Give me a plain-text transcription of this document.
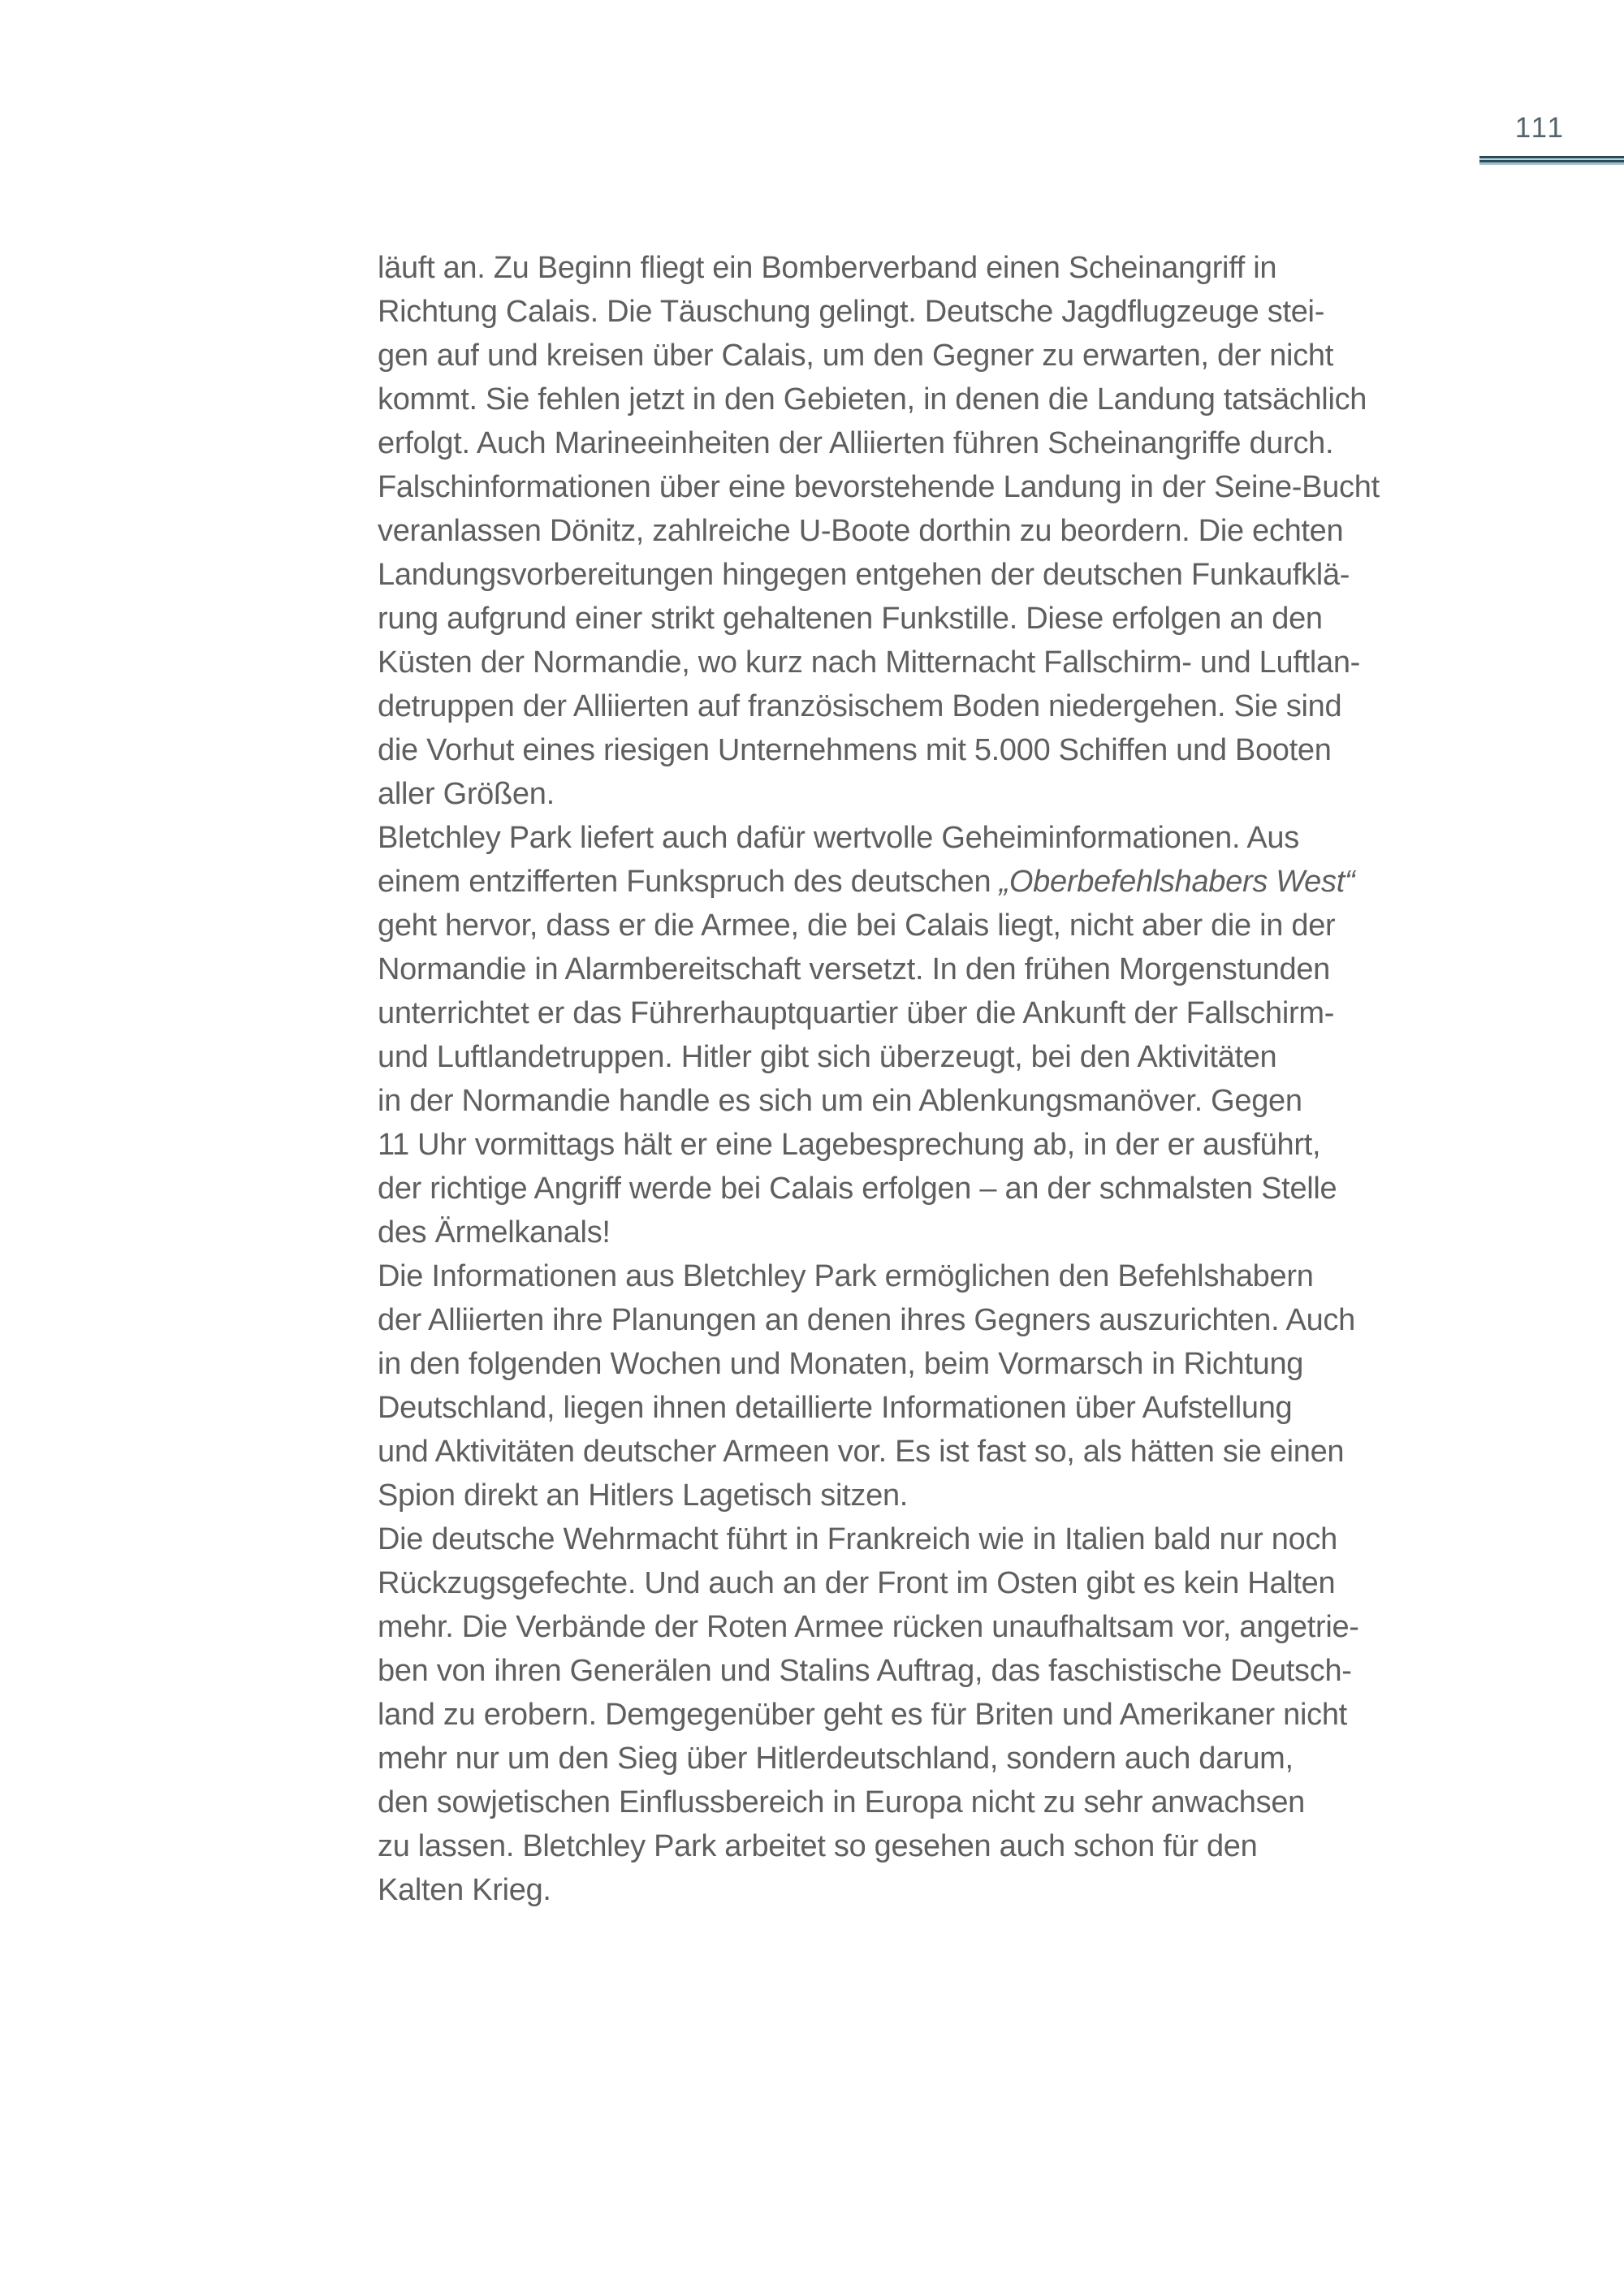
111
läuft an. Zu Beginn fliegt ein Bomberverband einen Scheinangriff in
Richtung Calais. Die Täuschung gelingt. Deutsche Jagdflugzeuge stei-
gen auf und kreisen über Calais, um den Gegner zu erwarten, der nicht
kommt. Sie fehlen jetzt in den Gebieten, in denen die Landung tatsächlich
erfolgt. Auch Marineeinheiten der Alliierten führen Scheinangriffe durch.
Falschinformationen über eine bevorstehende Landung in der Seine-Bucht
veranlassen Dönitz, zahlreiche U-Boote dorthin zu beordern. Die echten
Landungsvorbereitungen hingegen entgehen der deutschen Funkaufklä-
rung aufgrund einer strikt gehaltenen Funkstille. Diese erfolgen an den
Küsten der Normandie, wo kurz nach Mitternacht Fallschirm- und Luftlan-
detruppen der Alliierten auf französischem Boden niedergehen. Sie sind
die Vorhut eines riesigen Unternehmens mit 5.000 Schiffen und Booten
aller Größen.
Bletchley Park liefert auch dafür wertvolle Geheiminformationen. Aus
einem entzifferten Funkspruch des deutschen „Oberbefehlshabers West“
geht hervor, dass er die Armee, die bei Calais liegt, nicht aber die in der
Normandie in Alarmbereitschaft versetzt. In den frühen Morgenstunden
unterrichtet er das Führerhauptquartier über die Ankunft der Fallschirm-
und Luftlandetruppen. Hitler gibt sich überzeugt, bei den Aktivitäten
in der Normandie handle es sich um ein Ablenkungsmanöver. Gegen
11 Uhr vormittags hält er eine Lagebesprechung ab, in der er ausführt,
der richtige Angriff werde bei Calais erfolgen – an der schmalsten Stelle
des Ärmelkanals!
Die Informationen aus Bletchley Park ermöglichen den Befehlshabern
der Alliierten ihre Planungen an denen ihres Gegners auszurichten. Auch
in den folgenden Wochen und Monaten, beim Vormarsch in Richtung
Deutschland, liegen ihnen detaillierte Informationen über Aufstellung
und Aktivitäten deutscher Armeen vor. Es ist fast so, als hätten sie einen
Spion direkt an Hitlers Lagetisch sitzen.
Die deutsche Wehrmacht führt in Frankreich wie in Italien bald nur noch
Rückzugsgefechte. Und auch an der Front im Osten gibt es kein Halten
mehr. Die Verbände der Roten Armee rücken unaufhaltsam vor, angetrie-
ben von ihren Generälen und Stalins Auftrag, das faschistische Deutsch-
land zu erobern. Demgegenüber geht es für Briten und Amerikaner nicht
mehr nur um den Sieg über Hitlerdeutschland, sondern auch darum,
den sowjetischen Einflussbereich in Europa nicht zu sehr anwachsen
zu lassen. Bletchley Park arbeitet so gesehen auch schon für den
Kalten Krieg.
